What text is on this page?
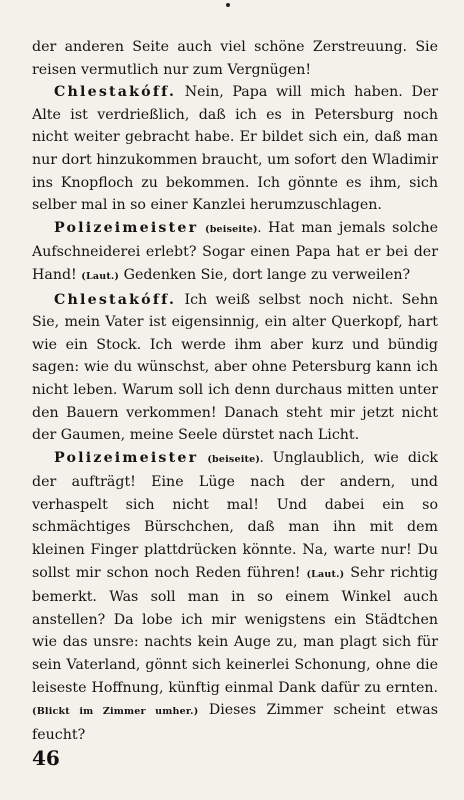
der anderen Seite auch viel schöne Zerstreuung. Sie reisen vermutlich nur zum Vergnügen!

Chlestakóff. Nein, Papa will mich haben. Der Alte ist verdrießlich, daß ich es in Petersburg noch nicht weiter gebracht habe. Er bildet sich ein, daß man nur dort hinzukommen braucht, um sofort den Wladimir ins Knopfloch zu bekommen. Ich gönnte es ihm, sich selber mal in so einer Kanzlei herumzuschlagen.

Polizeimeister (beiseite). Hat man jemals solche Aufschneiderei erlebt? Sogar einen Papa hat er bei der Hand! (Laut.) Gedenken Sie, dort lange zu verweilen?

Chlestakóff. Ich weiß selbst noch nicht. Sehn Sie, mein Vater ist eigensinnig, ein alter Querkopf, hart wie ein Stock. Ich werde ihm aber kurz und bündig sagen: wie du wünschst, aber ohne Petersburg kann ich nicht leben. Warum soll ich denn durchaus mitten unter den Bauern verkommen! Danach steht mir jetzt nicht der Gaumen, meine Seele dürstet nach Licht.

Polizeimeister (beiseite). Unglaublich, wie dick der aufträgt! Eine Lüge nach der andern, und verhaspelt sich nicht mal! Und dabei ein so schmächtiges Bürschchen, daß man ihn mit dem kleinen Finger plattdrücken könnte. Na, warte nur! Du sollst mir schon noch Reden führen! (Laut.) Sehr richtig bemerkt. Was soll man in so einem Winkel auch anstellen? Da lobe ich mir wenigstens ein Städtchen wie das unsre: nachts kein Auge zu, man plagt sich für sein Vaterland, gönnt sich keinerlei Schonung, ohne die leiseste Hoffnung, künftig einmal Dank dafür zu ernten. (Blickt im Zimmer umher.) Dieses Zimmer scheint etwas feucht?

46
